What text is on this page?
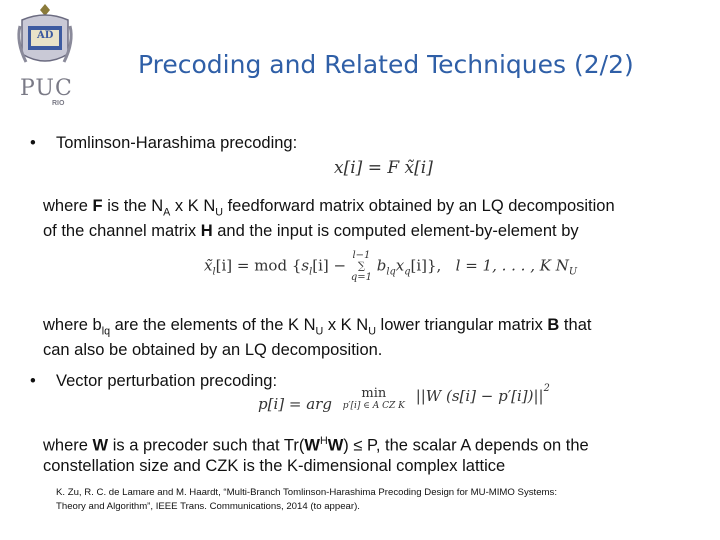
PUC
RIO
AD
Precoding and Related Techniques (2/2)
• Tomlinson-Harashima precoding:
x[i] = F x̃[i]
where F is the $N_A$ x K $N_U$ feedforward matrix obtained by an LQ decomposition
of the channel matrix H and the input is computed element-by-element by
$x̃_l[i]$ = mod {$s_l[i]$ −
l−1
∑
q=1
$b_{lq}x_q[i]$}, l = 1, . . . , K $N_U$
where $b_{lq}$ are the elements of the K $N_U$ x K $N_U$ lower triangular matrix B that
can also be obtained by an LQ decomposition.
• Vector perturbation precoding:
p[i] = arg
min
p′[i] ∈ A CZ K
||W $(s[i] - p'[i])||^2$
where W is a precoder such that $Tr(W^HW) \le P$, the scalar A depends on the
constellation size and CZK is the K-dimensional complex lattice
K. Zu, R. C. de Lamare and M. Haardt, “Multi-Branch Tomlinson-Harashima Precoding Design for MU-MIMO Systems:
Theory and Algorithm”, IEEE Trans. Communications, 2014 (to appear).
